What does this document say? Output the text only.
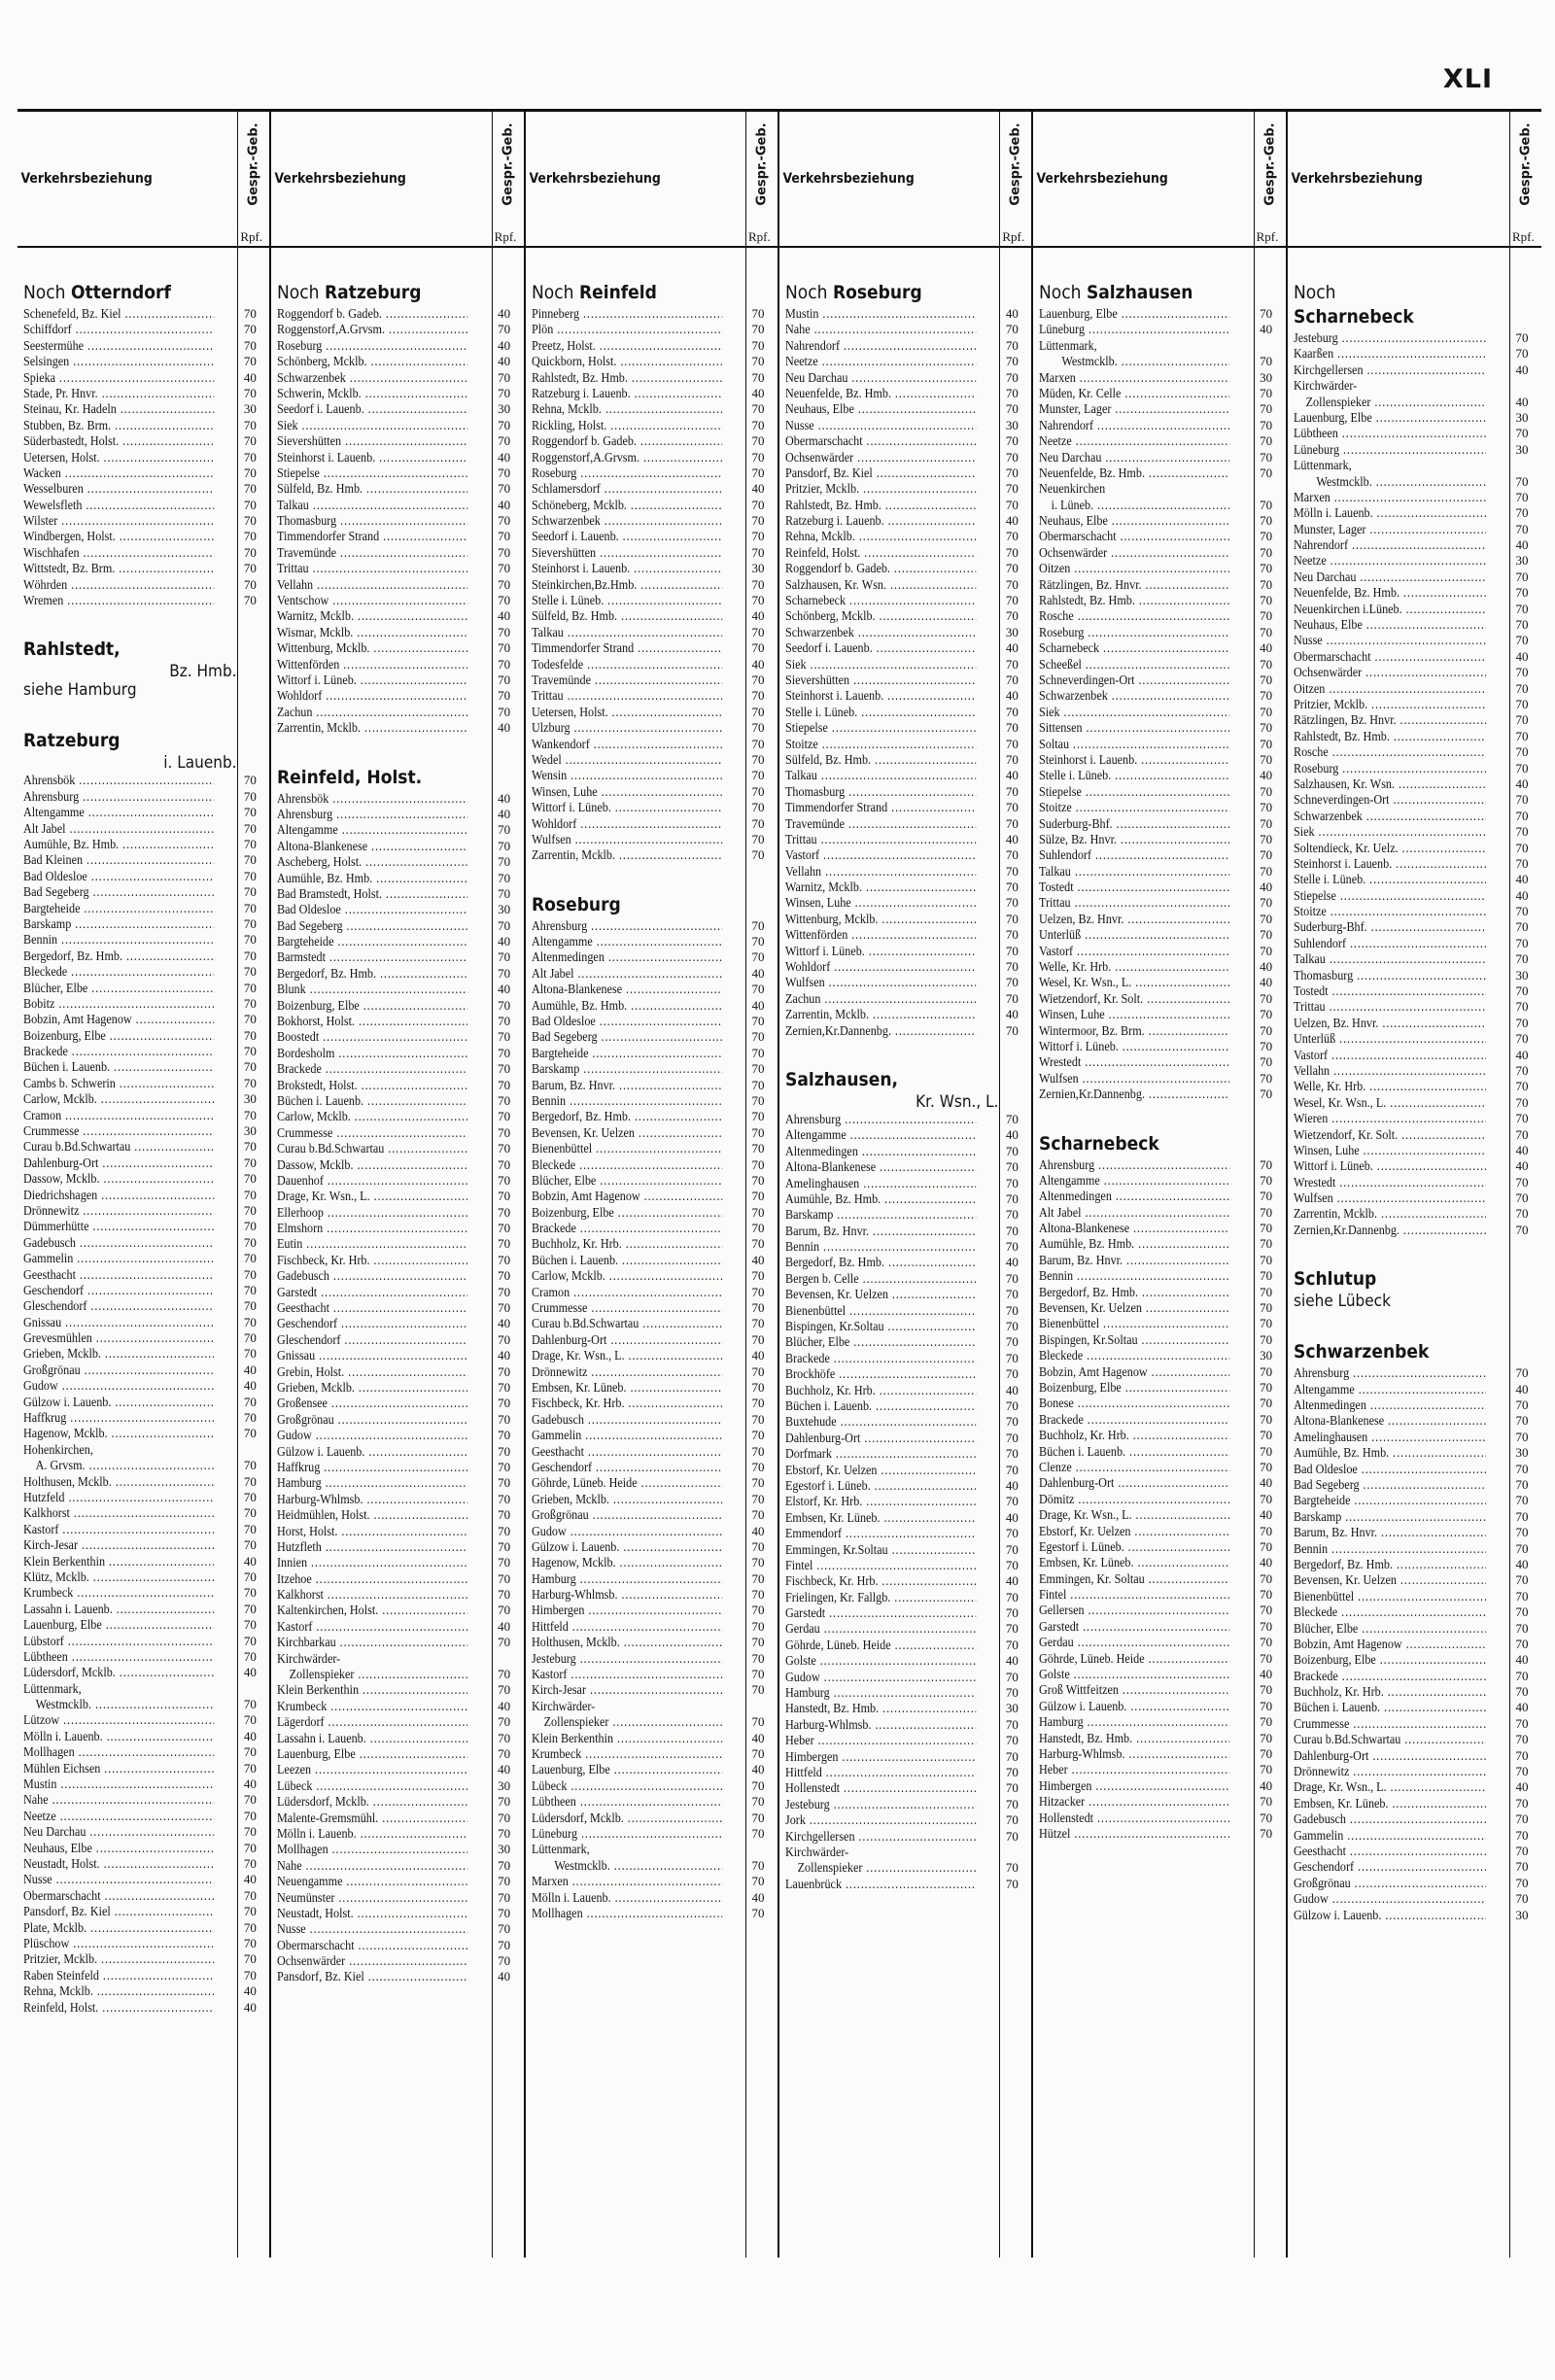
XLI
Verkehrsbeziehung	Gespr.-Geb.
Rpf.
Verkehrsbeziehung	Gespr.-Geb.
Rpf.
Verkehrsbeziehung	Gespr.-Geb.
Rpf.
Verkehrsbeziehung	Gespr.-Geb.
Rpf.
Verkehrsbeziehung	Gespr.-Geb.
Rpf.
Verkehrsbeziehung	Gespr.-Geb.
Rpf.
Noch Otterndorf
Schenefeld, Bz. Kiel .....	70
Schiffdorf .....	70
Seestermühe .....	70
Selsingen .....	70
Spieka .....	40
Stade, Pr. Hnvr. .....	70
Steinau, Kr. Hadeln .....	30
Stubben, Bz. Brm. .....	70
Süderbastedt, Holst. .....	70
Uetersen, Holst. .....	70
Wacken .....	70
Wesselburen .....	70
Wewelsfleth .....	70
Wilster .....	70
Windbergen, Holst. .....	70
Wischhafen .....	70
Wittstedt, Bz. Brm. .....	70
Wöhrden .....	70
Wremen .....	70
Rahlstedt,
Bz. Hmb.
siehe Hamburg
Ratzeburg
i. Lauenb.
Ahrensbök .....	70
Ahrensburg .....	70
Altengamme .....	70
Alt Jabel .....	70
Aumühle, Bz. Hmb. .....	70
Bad Kleinen .....	70
Bad Oldesloe .....	70
Bad Segeberg .....	70
Bargteheide .....	70
Barskamp .....	70
Bennin .....	70
Bergedorf, Bz. Hmb. .....	70
Bleckede .....	70
Blücher, Elbe .....	70
Bobitz .....	70
Bobzin, Amt Hagenow .....	70
Boizenburg, Elbe .....	70
Brackede .....	70
Büchen i. Lauenb. .....	70
Cambs b. Schwerin .....	70
Carlow, Mcklb. .....	30
Cramon .....	70
Crummesse .....	30
Curau b.Bd.Schwartau .....	70
Dahlenburg-Ort .....	70
Dassow, Mcklb. .....	70
Diedrichshagen .....	70
Drönnewitz .....	70
Dümmerhütte .....	70
Gadebusch .....	70
Gammelin .....	70
Geesthacht .....	70
Geschendorf .....	70
Gleschendorf .....	70
Gnissau .....	70
Grevesmühlen .....	70
Grieben, Mcklb. .....	70
Großgrönau .....	40
Gudow .....	40
Gülzow i. Lauenb. .....	70
Haffkrug .....	70
Hagenow, Mcklb. .....	70
Hohenkirchen,
A. Grvsm. .....	70
Holthusen, Mcklb. .....	70
Hutzfeld .....	70
Kalkhorst .....	70
Kastorf .....	70
Kirch-Jesar .....	70
Klein Berkenthin .....	40
Klütz, Mcklb. .....	70
Krumbeck .....	70
Lassahn i. Lauenb. .....	70
Lauenburg, Elbe .....	70
Lübstorf .....	70
Lübtheen .....	70
Lüdersdorf, Mcklb. .....	40
Lüttenmark,
Westmcklb. .....	70
Lützow .....	70
Mölln i. Lauenb. .....	40
Mollhagen .....	70
Mühlen Eichsen .....	70
Mustin .....	40
Nahe .....	70
Neetze .....	70
Neu Darchau .....	70
Neuhaus, Elbe .....	70
Neustadt, Holst. .....	70
Nusse .....	40
Obermarschacht .....	70
Pansdorf, Bz. Kiel .....	70
Plate, Mcklb. .....	70
Plüschow .....	70
Pritzier, Mcklb. .....	70
Raben Steinfeld .....	70
Rehna, Mcklb. .....	40
Reinfeld, Holst. .....	40
Noch Ratzeburg
Roggendorf b. Gadeb. .....	40
Roggenstorf,A.Grvsm. .....	70
Roseburg .....	40
Schönberg, Mcklb. .....	40
Schwarzenbek .....	70
Schwerin, Mcklb. .....	70
Seedorf i. Lauenb. .....	30
Siek .....	70
Sievershütten .....	70
Steinhorst i. Lauenb. .....	40
Stiepelse .....	70
Sülfeld, Bz. Hmb. .....	70
Talkau .....	40
Thomasburg .....	70
Timmendorfer Strand .....	70
Travemünde .....	70
Trittau .....	70
Vellahn .....	70
Ventschow .....	70
Warnitz, Mcklb. .....	40
Wismar, Mcklb. .....	70
Wittenburg, Mcklb. .....	70
Wittenförden .....	70
Wittorf i. Lüneb. .....	70
Wohldorf .....	70
Zachun .....	70
Zarrentin, Mcklb. .....	40
Reinfeld, Holst.
Ahrensbök .....	40
Ahrensburg .....	40
Altengamme .....	70
Altona-Blankenese .....	70
Ascheberg, Holst. .....	70
Aumühle, Bz. Hmb. .....	70
Bad Bramstedt, Holst. .....	70
Bad Oldesloe .....	30
Bad Segeberg .....	70
Bargteheide .....	40
Barmstedt .....	70
Bergedorf, Bz. Hmb. .....	70
Blunk .....	40
Boizenburg, Elbe .....	70
Bokhorst, Holst. .....	70
Boostedt .....	70
Bordesholm .....	70
Brackede .....	70
Brokstedt, Holst. .....	70
Büchen i. Lauenb. .....	70
Carlow, Mcklb. .....	70
Crummesse .....	70
Curau b.Bd.Schwartau .....	70
Dassow, Mcklb. .....	70
Dauenhof .....	70
Drage, Kr. Wsn., L. .....	70
Ellerhoop .....	70
Elmshorn .....	70
Eutin .....	70
Fischbeck, Kr. Hrb. .....	70
Gadebusch .....	70
Garstedt .....	70
Geesthacht .....	70
Geschendorf .....	40
Gleschendorf .....	70
Gnissau .....	40
Grebin, Holst. .....	70
Grieben, Mcklb. .....	70
Großensee .....	70
Großgrönau .....	70
Gudow .....	70
Gülzow i. Lauenb. .....	70
Haffkrug .....	70
Hamburg .....	70
Harburg-Whlmsb. .....	70
Heidmühlen, Holst. .....	70
Horst, Holst. .....	70
Hutzfleth .....	70
Innien .....	70
Itzehoe .....	70
Kalkhorst .....	70
Kaltenkirchen, Holst. .....	70
Kastorf .....	40
Kirchbarkau .....	70
Kirchwärder-
Zollenspieker .....	70
Klein Berkenthin .....	70
Krumbeck .....	40
Lägerdorf .....	70
Lassahn i. Lauenb. .....	70
Lauenburg, Elbe .....	70
Leezen .....	40
Lübeck .....	30
Lüdersdorf, Mcklb. .....	70
Malente-Gremsmühl. .....	70
Mölln i. Lauenb. .....	70
Mollhagen .....	30
Nahe .....	70
Neuengamme .....	70
Neumünster .....	70
Neustadt, Holst. .....	70
Nusse .....	70
Obermarschacht .....	70
Ochsenwärder .....	70
Pansdorf, Bz. Kiel .....	40
Noch Reinfeld
Pinneberg .....	70
Plön .....	70
Preetz, Holst. .....	70
Quickborn, Holst. .....	70
Rahlstedt, Bz. Hmb. .....	70
Ratzeburg i. Lauenb. .....	40
Rehna, Mcklb. .....	70
Rickling, Holst. .....	70
Roggendorf b. Gadeb. .....	70
Roggenstorf,A.Grvsm. .....	70
Roseburg .....	70
Schlamersdorf .....	40
Schöneberg, Mcklb. .....	70
Schwarzenbek .....	70
Seedorf i. Lauenb. .....	70
Sievershütten .....	70
Steinhorst i. Lauenb. .....	30
Steinkirchen,Bz.Hmb. .....	70
Stelle i. Lüneb. .....	70
Sülfeld, Bz. Hmb. .....	40
Talkau .....	70
Timmendorfer Strand .....	70
Todesfelde .....	40
Travemünde .....	70
Trittau .....	70
Uetersen, Holst. .....	70
Ulzburg .....	70
Wankendorf .....	70
Wedel .....	70
Wensin .....	70
Winsen, Luhe .....	70
Wittorf i. Lüneb. .....	70
Wohldorf .....	70
Wulfsen .....	70
Zarrentin, Mcklb. .....	70
Roseburg
Ahrensburg .....	70
Altengamme .....	70
Altenmedingen .....	70
Alt Jabel .....	40
Altona-Blankenese .....	70
Aumühle, Bz. Hmb. .....	40
Bad Oldesloe .....	70
Bad Segeberg .....	70
Bargteheide .....	70
Barskamp .....	70
Barum, Bz. Hnvr. .....	70
Bennin .....	70
Bergedorf, Bz. Hmb. .....	70
Bevensen, Kr. Uelzen .....	70
Bienenbüttel .....	70
Bleckede .....	70
Blücher, Elbe .....	70
Bobzin, Amt Hagenow .....	70
Boizenburg, Elbe .....	70
Brackede .....	70
Buchholz, Kr. Hrb. .....	70
Büchen i. Lauenb. .....	40
Carlow, Mcklb. .....	70
Cramon .....	70
Crummesse .....	70
Curau b.Bd.Schwartau .....	70
Dahlenburg-Ort .....	70
Drage, Kr. Wsn., L. .....	40
Drönnewitz .....	70
Embsen, Kr. Lüneb. .....	70
Fischbeck, Kr. Hrb. .....	70
Gadebusch .....	70
Gammelin .....	70
Geesthacht .....	70
Geschendorf .....	70
Göhrde, Lüneb. Heide .....	70
Grieben, Mcklb. .....	70
Großgrönau .....	70
Gudow .....	40
Gülzow i. Lauenb. .....	70
Hagenow, Mcklb. .....	70
Hamburg .....	70
Harburg-Whlmsb. .....	70
Himbergen .....	70
Hittfeld .....	70
Holthusen, Mcklb. .....	70
Jesteburg .....	70
Kastorf .....	70
Kirch-Jesar .....	70
Kirchwärder-
Zollenspieker .....	70
Klein Berkenthin .....	40
Krumbeck .....	70
Lauenburg, Elbe .....	40
Lübeck .....	70
Lübtheen .....	70
Lüdersdorf, Mcklb. .....	70
Lüneburg .....	70
Lüttenmark,
Westmcklb. .....	70
Marxen .....	70
Mölln i. Lauenb. .....	40
Mollhagen .....	70
Noch Roseburg
Mustin .....	40
Nahe .....	70
Nahrendorf .....	70
Neetze .....	70
Neu Darchau .....	70
Neuenfelde, Bz. Hmb. .....	70
Neuhaus, Elbe .....	70
Nusse .....	30
Obermarschacht .....	70
Ochsenwärder .....	70
Pansdorf, Bz. Kiel .....	70
Pritzier, Mcklb. .....	70
Rahlstedt, Bz. Hmb. .....	70
Ratzeburg i. Lauenb. .....	40
Rehna, Mcklb. .....	70
Reinfeld, Holst. .....	70
Roggendorf b. Gadeb. .....	70
Salzhausen, Kr. Wsn. .....	70
Scharnebeck .....	70
Schönberg, Mcklb. .....	70
Schwarzenbek .....	30
Seedorf i. Lauenb. .....	40
Siek .....	70
Sievershütten .....	70
Steinhorst i. Lauenb. .....	40
Stelle i. Lüneb. .....	70
Stiepelse .....	70
Stoitze .....	70
Sülfeld, Bz. Hmb. .....	70
Talkau .....	40
Thomasburg .....	70
Timmendorfer Strand .....	70
Travemünde .....	70
Trittau .....	40
Vastorf .....	70
Vellahn .....	70
Warnitz, Mcklb. .....	70
Winsen, Luhe .....	70
Wittenburg, Mcklb. .....	70
Wittenförden .....	70
Wittorf i. Lüneb. .....	70
Wohldorf .....	70
Wulfsen .....	70
Zachun .....	70
Zarrentin, Mcklb. .....	40
Zernien,Kr.Dannenbg. .....	70
Salzhausen,
Kr. Wsn., L.
Ahrensburg .....	70
Altengamme .....	40
Altenmedingen .....	70
Altona-Blankenese .....	70
Amelinghausen .....	70
Aumühle, Bz. Hmb. .....	70
Barskamp .....	70
Barum, Bz. Hnvr. .....	70
Bennin .....	70
Bergedorf, Bz. Hmb. .....	40
Bergen b. Celle .....	70
Bevensen, Kr. Uelzen .....	70
Bienenbüttel .....	70
Bispingen, Kr.Soltau .....	70
Blücher, Elbe .....	70
Brackede .....	70
Brockhöfe .....	70
Buchholz, Kr. Hrb. .....	40
Büchen i. Lauenb. .....	70
Buxtehude .....	70
Dahlenburg-Ort .....	70
Dorfmark .....	70
Ebstorf, Kr. Uelzen .....	70
Egestorf i. Lüneb. .....	40
Elstorf, Kr. Hrb. .....	70
Embsen, Kr. Lüneb. .....	40
Emmendorf .....	70
Emmingen, Kr.Soltau .....	70
Fintel .....	70
Fischbeck, Kr. Hrb. .....	40
Frielingen, Kr. Fallgb. .....	70
Garstedt .....	70
Gerdau .....	70
Göhrde, Lüneb. Heide .....	70
Golste .....	40
Gudow .....	70
Hamburg .....	70
Hanstedt, Bz. Hmb. .....	30
Harburg-Whlmsb. .....	70
Heber .....	70
Himbergen .....	70
Hittfeld .....	70
Hollenstedt .....	70
Jesteburg .....	70
Jork .....	70
Kirchgellersen .....	70
Kirchwärder-
Zollenspieker .....	70
Lauenbrück .....	70
Noch Salzhausen
Lauenburg, Elbe .....	70
Lüneburg .....	40
Lüttenmark,
Westmcklb. .....	70
Marxen .....	30
Müden, Kr. Celle .....	70
Munster, Lager .....	70
Nahrendorf .....	70
Neetze .....	70
Neu Darchau .....	70
Neuenfelde, Bz. Hmb. .....	70
Neuenkirchen
i. Lüneb. .....	70
Neuhaus, Elbe .....	70
Obermarschacht .....	70
Ochsenwärder .....	70
Oitzen .....	70
Rätzlingen, Bz. Hnvr. .....	70
Rahlstedt, Bz. Hmb. .....	70
Rosche .....	70
Roseburg .....	70
Scharnebeck .....	40
Scheeßel .....	70
Schneverdingen-Ort .....	70
Schwarzenbek .....	70
Siek .....	70
Sittensen .....	70
Soltau .....	70
Steinhorst i. Lauenb. .....	70
Stelle i. Lüneb. .....	40
Stiepelse .....	70
Stoitze .....	70
Suderburg-Bhf. .....	70
Sülze, Bz. Hnvr. .....	70
Suhlendorf .....	70
Talkau .....	70
Tostedt .....	40
Trittau .....	70
Uelzen, Bz. Hnvr. .....	70
Unterlüß .....	70
Vastorf .....	70
Welle, Kr. Hrb. .....	40
Wesel, Kr. Wsn., L. .....	40
Wietzendorf, Kr. Solt. .....	70
Winsen, Luhe .....	70
Wintermoor, Bz. Brm. .....	70
Wittorf i. Lüneb. .....	70
Wrestedt .....	70
Wulfsen .....	70
Zernien,Kr.Dannenbg. .....	70
Scharnebeck
Ahrensburg .....	70
Altengamme .....	70
Altenmedingen .....	70
Alt Jabel .....	70
Altona-Blankenese .....	70
Aumühle, Bz. Hmb. .....	70
Barum, Bz. Hnvr. .....	70
Bennin .....	70
Bergedorf, Bz. Hmb. .....	70
Bevensen, Kr. Uelzen .....	70
Bienenbüttel .....	70
Bispingen, Kr.Soltau .....	70
Bleckede .....	30
Bobzin, Amt Hagenow .....	70
Boizenburg, Elbe .....	70
Bonese .....	70
Brackede .....	70
Buchholz, Kr. Hrb. .....	70
Büchen i. Lauenb. .....	70
Clenze .....	70
Dahlenburg-Ort .....	40
Dömitz .....	70
Drage, Kr. Wsn., L. .....	40
Ebstorf, Kr. Uelzen .....	70
Egestorf i. Lüneb. .....	70
Embsen, Kr. Lüneb. .....	40
Emmingen, Kr. Soltau .....	70
Fintel .....	70
Gellersen .....	70
Garstedt .....	70
Gerdau .....	70
Göhrde, Lüneb. Heide .....	70
Golste .....	40
Groß Wittfeitzen .....	70
Gülzow i. Lauenb. .....	70
Hamburg .....	70
Hanstedt, Bz. Hmb. .....	70
Harburg-Whlmsb. .....	70
Heber .....	70
Himbergen .....	40
Hitzacker .....	70
Hollenstedt .....	70
Hützel .....	70
Noch
Scharnebeck
Jesteburg .....	70
Kaarßen .....	70
Kirchgellersen .....	40
Kirchwärder-
Zollenspieker .....	40
Lauenburg, Elbe .....	30
Lübtheen .....	70
Lüneburg .....	30
Lüttenmark,
Westmcklb. .....	70
Marxen .....	70
Mölln i. Lauenb. .....	70
Munster, Lager .....	70
Nahrendorf .....	40
Neetze .....	30
Neu Darchau .....	70
Neuenfelde, Bz. Hmb. .....	70
Neuenkirchen i.Lüneb. .....	70
Neuhaus, Elbe .....	70
Nusse .....	70
Obermarschacht .....	40
Ochsenwärder .....	70
Oitzen .....	70
Pritzier, Mcklb. .....	70
Rätzlingen, Bz. Hnvr. .....	70
Rahlstedt, Bz. Hmb. .....	70
Rosche .....	70
Roseburg .....	70
Salzhausen, Kr. Wsn. .....	40
Schneverdingen-Ort .....	70
Schwarzenbek .....	70
Siek .....	70
Soltendieck, Kr. Uelz. .....	70
Steinhorst i. Lauenb. .....	70
Stelle i. Lüneb. .....	40
Stiepelse .....	40
Stoitze .....	70
Suderburg-Bhf. .....	70
Suhlendorf .....	70
Talkau .....	70
Thomasburg .....	30
Tostedt .....	70
Trittau .....	70
Uelzen, Bz. Hnvr. .....	70
Unterlüß .....	70
Vastorf .....	40
Vellahn .....	70
Welle, Kr. Hrb. .....	70
Wesel, Kr. Wsn., L. .....	70
Wieren .....	70
Wietzendorf, Kr. Solt. .....	70
Winsen, Luhe .....	40
Wittorf i. Lüneb. .....	40
Wrestedt .....	70
Wulfsen .....	70
Zarrentin, Mcklb. .....	70
Zernien,Kr.Dannenbg. .....	70
Schlutup
siehe Lübeck
Schwarzenbek
Ahrensburg .....	70
Altengamme .....	40
Altenmedingen .....	70
Altona-Blankenese .....	70
Amelinghausen .....	70
Aumühle, Bz. Hmb. .....	30
Bad Oldesloe .....	70
Bad Segeberg .....	70
Bargteheide .....	70
Barskamp .....	70
Barum, Bz. Hnvr. .....	70
Bennin .....	70
Bergedorf, Bz. Hmb. .....	40
Bevensen, Kr. Uelzen .....	70
Bienenbüttel .....	70
Bleckede .....	70
Blücher, Elbe .....	70
Bobzin, Amt Hagenow .....	70
Boizenburg, Elbe .....	40
Brackede .....	70
Buchholz, Kr. Hrb. .....	70
Büchen i. Lauenb. .....	40
Crummesse .....	70
Curau b.Bd.Schwartau .....	70
Dahlenburg-Ort .....	70
Drönnewitz .....	70
Drage, Kr. Wsn., L. .....	40
Embsen, Kr. Lüneb. .....	70
Gadebusch .....	70
Gammelin .....	70
Geesthacht .....	70
Geschendorf .....	70
Großgrönau .....	70
Gudow .....	70
Gülzow i. Lauenb. .....	30
